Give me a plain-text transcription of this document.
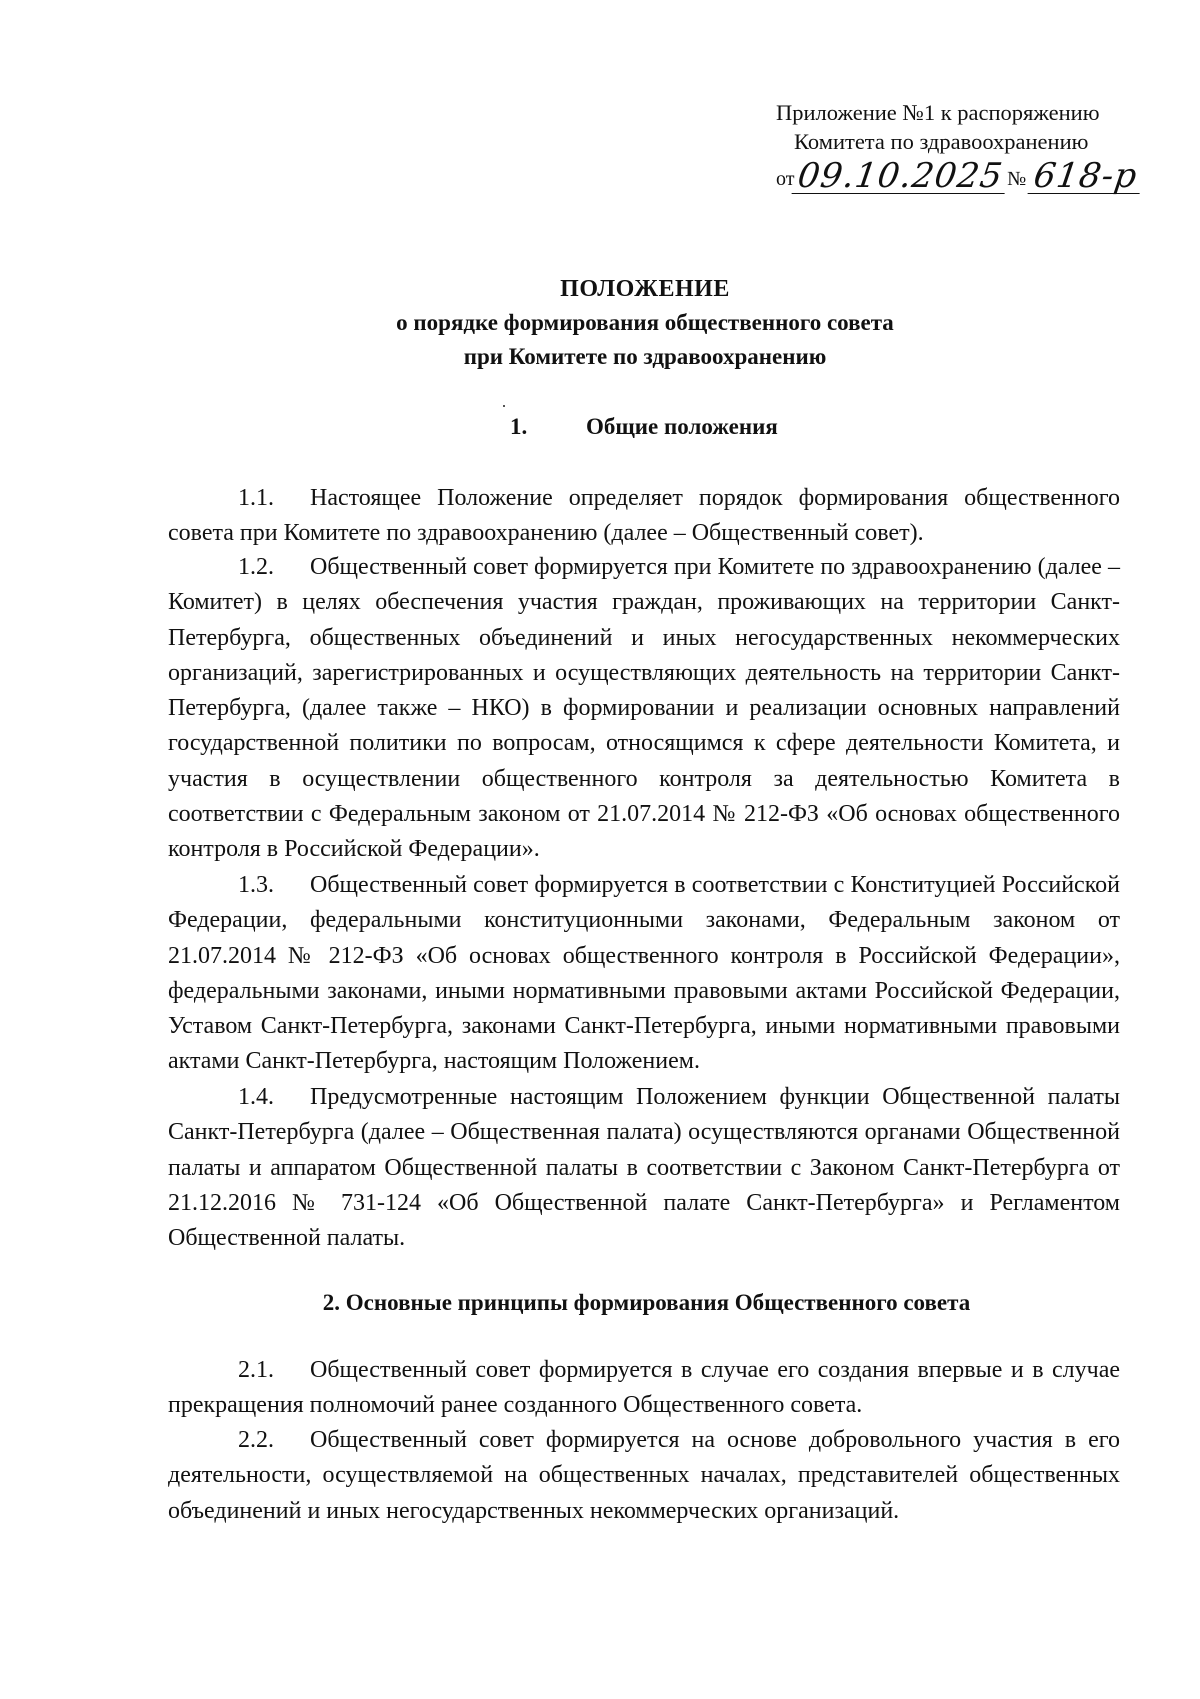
Приложение №1 к распоряжению
Комитета по здравоохранению
от 09.10.2025 № 618-р
ПОЛОЖЕНИЕ
о порядке формирования общественного совета
при Комитете по здравоохранению
1.	Общие положения
1.1. Настоящее Положение определяет порядок формирования общественного совета при Комитете по здравоохранению (далее – Общественный совет).
1.2. Общественный совет формируется при Комитете по здравоохранению (далее – Комитет) в целях обеспечения участия граждан, проживающих на территории Санкт-Петербурга, общественных объединений и иных негосударственных некоммерческих организаций, зарегистрированных и осуществляющих деятельность на территории Санкт-Петербурга, (далее также – НКО) в формировании и реализации основных направлений государственной политики по вопросам, относящимся к сфере деятельности Комитета, и участия в осуществлении общественного контроля за деятельностью Комитета в соответствии с Федеральным законом от 21.07.2014 № 212-ФЗ «Об основах общественного контроля в Российской Федерации».
1.3. Общественный совет формируется в соответствии с Конституцией Российской Федерации, федеральными конституционными законами, Федеральным законом от 21.07.2014 № 212-ФЗ «Об основах общественного контроля в Российской Федерации», федеральными законами, иными нормативными правовыми актами Российской Федерации, Уставом Санкт-Петербурга, законами Санкт-Петербурга, иными нормативными правовыми актами Санкт-Петербурга, настоящим Положением.
1.4. Предусмотренные настоящим Положением функции Общественной палаты Санкт-Петербурга (далее – Общественная палата) осуществляются органами Общественной палаты и аппаратом Общественной палаты в соответствии с Законом Санкт-Петербурга от 21.12.2016 № 731-124 «Об Общественной палате Санкт-Петербурга» и Регламентом Общественной палаты.
2. Основные принципы формирования Общественного совета
2.1. Общественный совет формируется в случае его создания впервые и в случае прекращения полномочий ранее созданного Общественного совета.
2.2. Общественный совет формируется на основе добровольного участия в его деятельности, осуществляемой на общественных началах, представителей общественных объединений и иных негосударственных некоммерческих организаций.
